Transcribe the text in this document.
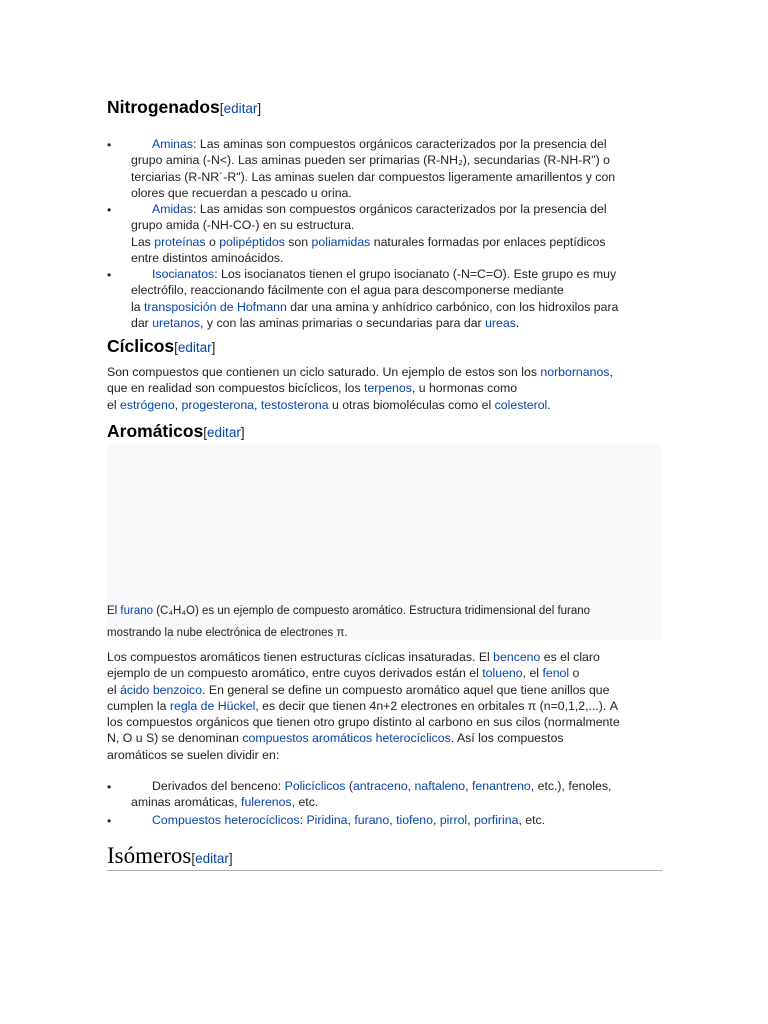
Nitrogenados[editar]
•	Aminas: Las aminas son compuestos orgánicos caracterizados por la presencia del
grupo amina (-N<). Las aminas pueden ser primarias (R-NH₂), secundarias (R-NH-R") o
terciarias (R-NR´-R"). Las aminas suelen dar compuestos ligeramente amarillentos y con
olores que recuerdan a pescado u orina.
•	Amidas: Las amidas son compuestos orgánicos caracterizados por la presencia del
grupo amida (-NH-CO-) en su estructura.
Las proteínas o polipéptidos son poliamidas naturales formadas por enlaces peptídicos
entre distintos aminoácidos.
•	Isocianatos: Los isocianatos tienen el grupo isocianato (-N=C=O). Este grupo es muy
electrófilo, reaccionando fácilmente con el agua para descomponerse mediante
la transposición de Hofmann dar una amina y anhídrico carbónico, con los hidroxilos para
dar uretanos, y con las aminas primarias o secundarias para dar ureas.
Cíclicos[editar]
Son compuestos que contienen un ciclo saturado. Un ejemplo de estos son los norbornanos,
que en realidad son compuestos bicíclicos, los terpenos, u hormonas como
el estrógeno, progesterona, testosterona u otras biomoléculas como el colesterol.
Aromáticos[editar]
El furano (C₄H₄O) es un ejemplo de compuesto aromático. Estructura tridimensional del furano
mostrando la nube electrónica de electrones π.
Los compuestos aromáticos tienen estructuras cíclicas insaturadas. El benceno es el claro
ejemplo de un compuesto aromático, entre cuyos derivados están el tolueno, el fenol o
el ácido benzoico. En general se define un compuesto aromático aquel que tiene anillos que
cumplen la regla de Hückel, es decir que tienen 4n+2 electrones en orbitales π (n=0,1,2,...). A
los compuestos orgánicos que tienen otro grupo distinto al carbono en sus cilos (normalmente
N, O u S) se denominan compuestos aromáticos heterocíclicos. Así los compuestos
aromáticos se suelen dividir en:
•	Derivados del benceno: Policíclicos (antraceno, naftaleno, fenantreno, etc.), fenoles,
aminas aromáticas, fulerenos, etc.
•	Compuestos heterocíclicos: Piridina, furano, tiofeno, pirrol, porfirina, etc.
Isómeros[editar]
